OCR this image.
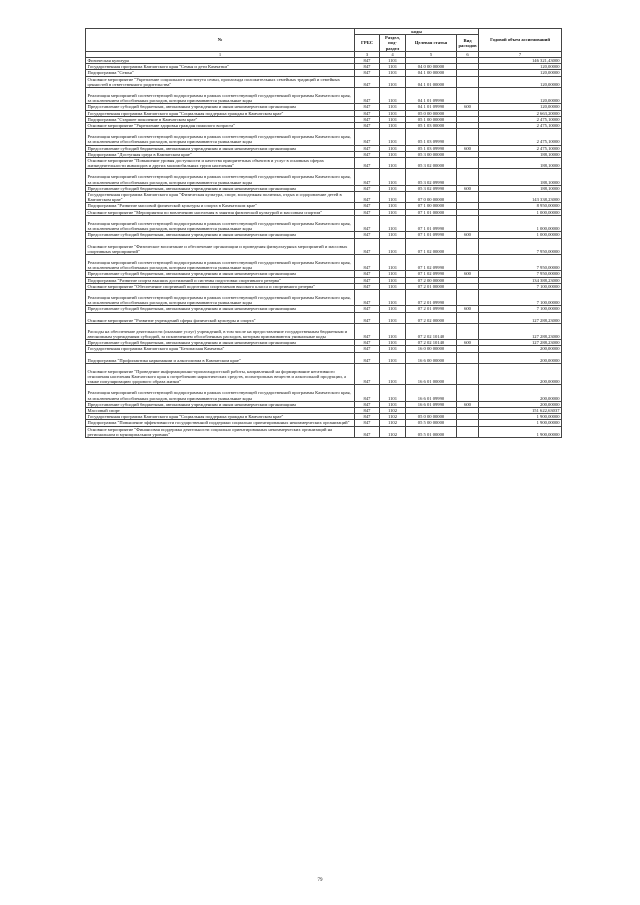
№	коды				Годовой объем ассигнований
	ГРБС	Раздел, под-раздел	Целевая статья	Вид расходов	
1	3	4	5	6	7
Физическая культура	847	1101			146 321,43000
Государственная программа Камчатского края "Семья и дети Камчатки"	847	1101	04 0 00 00000		120,00000
Подпрограмма "Семья"	847	1101	04 1 00 00000		120,00000
Основное мероприятие "Укрепление социального института семьи, пропаганда положительных семейных традиций и семейных ценностей в ответственного родительства"	847	1101	04 1 01 00000		120,00000
Реализация мероприятий соответствующей подпрограммы в рамках соответствующей государственной программы Камчатского края, за исключением обособленных расходов, которым присваиваются уникальные коды	847	1101	04 1 01 09990		120,00000
Предоставление субсидий бюджетным, автономным учреждениям и иным некоммерческим организациям	847	1101	04 1 01 09990	600	120,00000
Государственная программа Камчатского края "Социальная поддержка граждан в Камчатском крае"	847	1101	05 0 00 00000		2 663,20000
Подпрограмма "Старшее поколение в Камчатском крае"	847	1101	05 1 00 00000		2 475,10000
Основное мероприятие "Укрепление здоровья граждан пожилого возраста"	847	1101	05 1 03 00000		2 475,10000
Реализация мероприятий соответствующей подпрограммы в рамках соответствующей государственной программы Камчатского края, за исключением обособленных расходов, которым присваиваются уникальные коды	847	1101	05 1 03 09990		2 475,10000
Предоставление субсидий бюджетным, автономным учреждениям и иным некоммерческим организациям	847	1101	05 1 03 09990	600	2 475,10000
Подпрограмма "Доступная среда в Камчатском крае"	847	1101	05 3 00 00000		188,10000
Основное мероприятие "Повышение уровня доступности и качества приоритетных объектов и услуг в основных сферах жизнедеятельности инвалидов и других маломобильных групп населения"	847	1101	05 3 02 00000		188,10000
Реализация мероприятий соответствующей подпрограммы в рамках соответствующей государственной программы Камчатского края, за исключением обособленных расходов, которым присваиваются уникальные коды	847	1101	05 3 02 09990		188,10000
Предоставление субсидий бюджетным, автономным учреждениям и иным некоммерческим организациям	847	1101	05 3 02 09990	600	188,10000
Государственная программа Камчатского края "Физическая культура, спорт, молодежная политика, отдых и оздоровление детей в Камчатском крае"	847	1101	07 0 00 00000		143 338,23000
Подпрограмма "Развитие массовой физической культуры и спорта в Камчатском крае"	847	1101	07 1 00 00000		8 950,00000
Основное мероприятие "Мероприятия по вовлечению населения в занятия физической культурой и массовым спортом"	847	1101	07 1 01 00000		1 000,00000
Реализация мероприятий соответствующей подпрограммы в рамках соответствующей государственной программы Камчатского края, за исключением обособленных расходов, которым присваиваются уникальные коды	847	1101	07 1 01 09990		1 000,00000
Предоставление субсидий бюджетным, автономным учреждениям и иным некоммерческим организациям	847	1101	07 1 01 09990	600	1 000,00000
Основное мероприятие "Физическое воспитание и обеспечение организации и проведения физкультурных мероприятий и массовых спортивных мероприятий"	847	1101	07 1 02 00000		7 950,00000
Реализация мероприятий соответствующей подпрограммы в рамках соответствующей государственной программы Камчатского края, за исключением обособленных расходов, которым присваиваются уникальные коды	847	1101	07 1 02 09990		7 950,00000
Предоставление субсидий бюджетным, автономным учреждениям и иным некоммерческим организациям	847	1101	07 1 02 09990	600	7 950,00000
Подпрограмма "Развитие спорта высших достижений и системы подготовки спортивного резерва"	847	1101	07 2 00 00000		134 388,23000
Основное мероприятие "Обеспечение спортивной подготовки спортсменов высокого класса и спортивного резерва"	847	1101	07 2 01 00000		7 100,00000
Реализация мероприятий соответствующей подпрограммы в рамках соответствующей государственной программы Камчатского края, за исключением обособленных расходов, которым присваиваются уникальные коды	847	1101	07 2 01 09990		7 100,00000
Предоставление субсидий бюджетным, автономным учреждениям и иным некоммерческим организациям	847	1101	07 2 01 09990	600	7 100,00000
Основное мероприятие "Развитие учреждений сферы физической культуры и спорта"	847	1101	07 2 02 00000		127 288,23000
Расходы на обеспечение деятельности (оказание услуг) учреждений, в том числе на предоставление государственным бюджетным и автономным учреждениям субсидий, за исключением обособленных расходов, которым присваиваются уникальные коды	847	1101	07 2 02 10140		127 288,23000
Предоставление субсидий бюджетным, автономным учреждениям и иным некоммерческим организациям	847	1101	07 2 02 10140	600	127 288,23000
Государственная программа Камчатского края "Безопасная Камчатка"	847	1101	16 0 00 00000		200,00000
Подпрограмма "Профилактика наркомании и алкоголизма в Камчатском крае"	847	1101	16 6 00 00000		200,00000
Основное мероприятие "Проведение информационно-пропагандистской работы, направленной на формирование негативного отношения населения Камчатского края к потреблению наркотических средств, психотропных веществ и алкогольной продукции, а также популяризацию здорового образа жизни"	847	1101	16 6 01 00000		200,00000
Реализация мероприятий соответствующей подпрограммы в рамках соответствующей государственной программы Камчатского края, за исключением обособленных расходов, которым присваиваются уникальные коды	847	1101	16 6 01 09990		200,00000
Предоставление субсидий бюджетным, автономным учреждениям и иным некоммерческим организациям	847	1101	16 6 01 09990	600	200,00000
Массовый спорт	847	1102			151 622,63037
Государственная программа Камчатского края "Социальная поддержка граждан в Камчатском крае"	847	1102	05 0 00 00000		1 900,00000
Подпрограмма "Повышение эффективности государственной поддержки социально ориентированных некоммерческих организаций"	847	1102	05 5 00 00000		1 900,00000
Основное мероприятие "Финансовая поддержка деятельности социально ориентированных некоммерческих организаций на региональном и муниципальном уровнях"	847	1102	05 5 01 00000		1 900,00000
79
